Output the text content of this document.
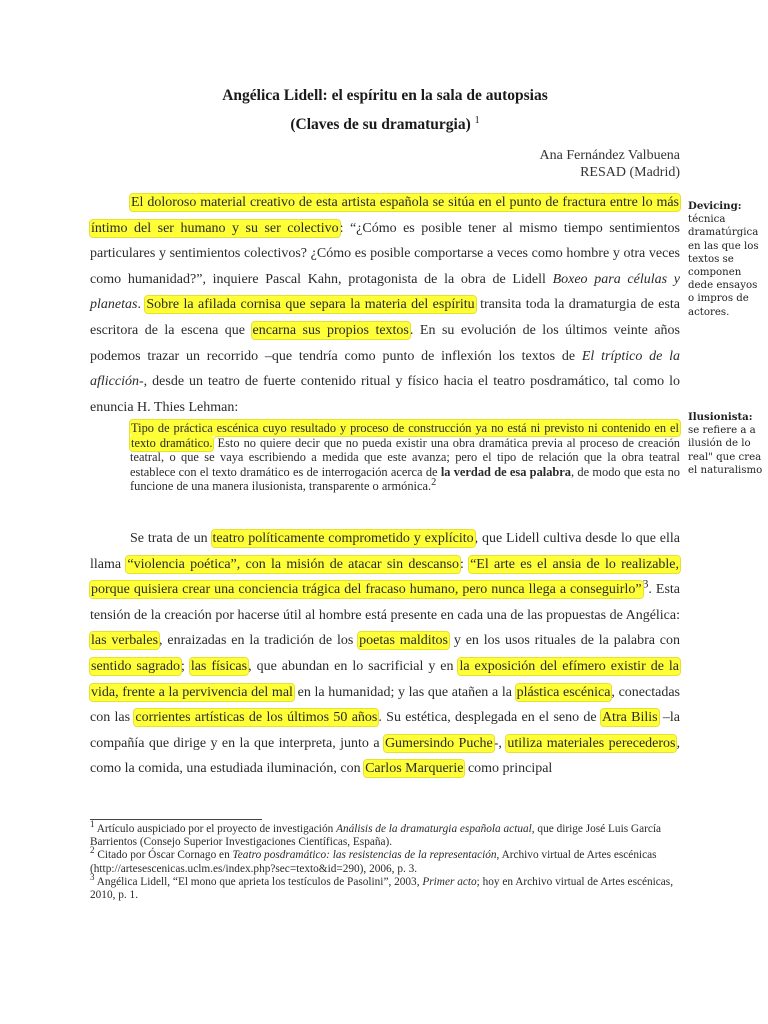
Angélica Lidell: el espíritu en la sala de autopsias
(Claves de su dramaturgia) $^1$
Ana Fernández Valbuena
RESAD (Madrid)

El doloroso material creativo de esta artista española se sitúa en el punto de fractura entre lo más íntimo del ser humano y su ser colectivo: “¿Cómo es posible tener al mismo tiempo sentimientos particulares y sentimientos colectivos? ¿Cómo es posible comportarse a veces como hombre y otra veces como humanidad?”, inquiere Pascal Kahn, protagonista de la obra de Lidell Boxeo para células y planetas. Sobre la afilada cornisa que separa la materia del espíritu transita toda la dramaturgia de esta escritora de la escena que encarna sus propios textos. En su evolución de los últimos veinte años podemos trazar un recorrido –que tendría como punto de inflexión los textos de El tríptico de la aflicción-, desde un teatro de fuerte contenido ritual y físico hacia el teatro posdramático, tal como lo enuncia H. Thies Lehman:

Tipo de práctica escénica cuyo resultado y proceso de construcción ya no está ni previsto ni contenido en el texto dramático. Esto no quiere decir que no pueda existir una obra dramática previa al proceso de creación teatral, o que se vaya escribiendo a medida que este avanza; pero el tipo de relación que la obra teatral establece con el texto dramático es de interrogación acerca de la verdad de esa palabra, de modo que esta no funcione de una manera ilusionista, transparente o armónica.$^2$

Se trata de un teatro políticamente comprometido y explícito, que Lidell cultiva desde lo que ella llama “violencia poética”, con la misión de atacar sin descanso: “El arte es el ansia de lo realizable, porque quisiera crear una conciencia trágica del fracaso humano, pero nunca llega a conseguirlo”$^3$. Esta tensión de la creación por hacerse útil al hombre está presente en cada una de las propuestas de Angélica: las verbales, enraizadas en la tradición de los poetas malditos y en los usos rituales de la palabra con sentido sagrado; las físicas, que abundan en lo sacrificial y en la exposición del efímero existir de la vida, frente a la pervivencia del mal en la humanidad; y las que atañen a la plástica escénica, conectadas con las corrientes artísticas de los últimos 50 años. Su estética, desplegada en el seno de Atra Bilis –la compañía que dirige y en la que interpreta, junto a Gumersindo Puche-, utiliza materiales perecederos, como la comida, una estudiada iluminación, con Carlos Marquerie como principal

Devicing: técnica dramatúrgica en las que los textos se componen dede ensayos o impros de actores.
Ilusionista: se refiere a a ilusión de lo real" que crea el naturalismo

$^1$ Artículo auspiciado por el proyecto de investigación Análisis de la dramaturgia española actual, que dirige José Luis García Barrientos (Consejo Superior Investigaciones Científicas, España).

$^2$ Citado por Óscar Cornago en Teatro posdramático: las resistencias de la representación, Archivo virtual de Artes escénicas (http://artesescenicas.uclm.es/index.php?sec=texto&id=290), 2006, p. 3.

$^3$ Angélica Lidell, “El mono que aprieta los testículos de Pasolini”, 2003, Primer acto; hoy en Archivo virtual de Artes escénicas, 2010, p. 1.
